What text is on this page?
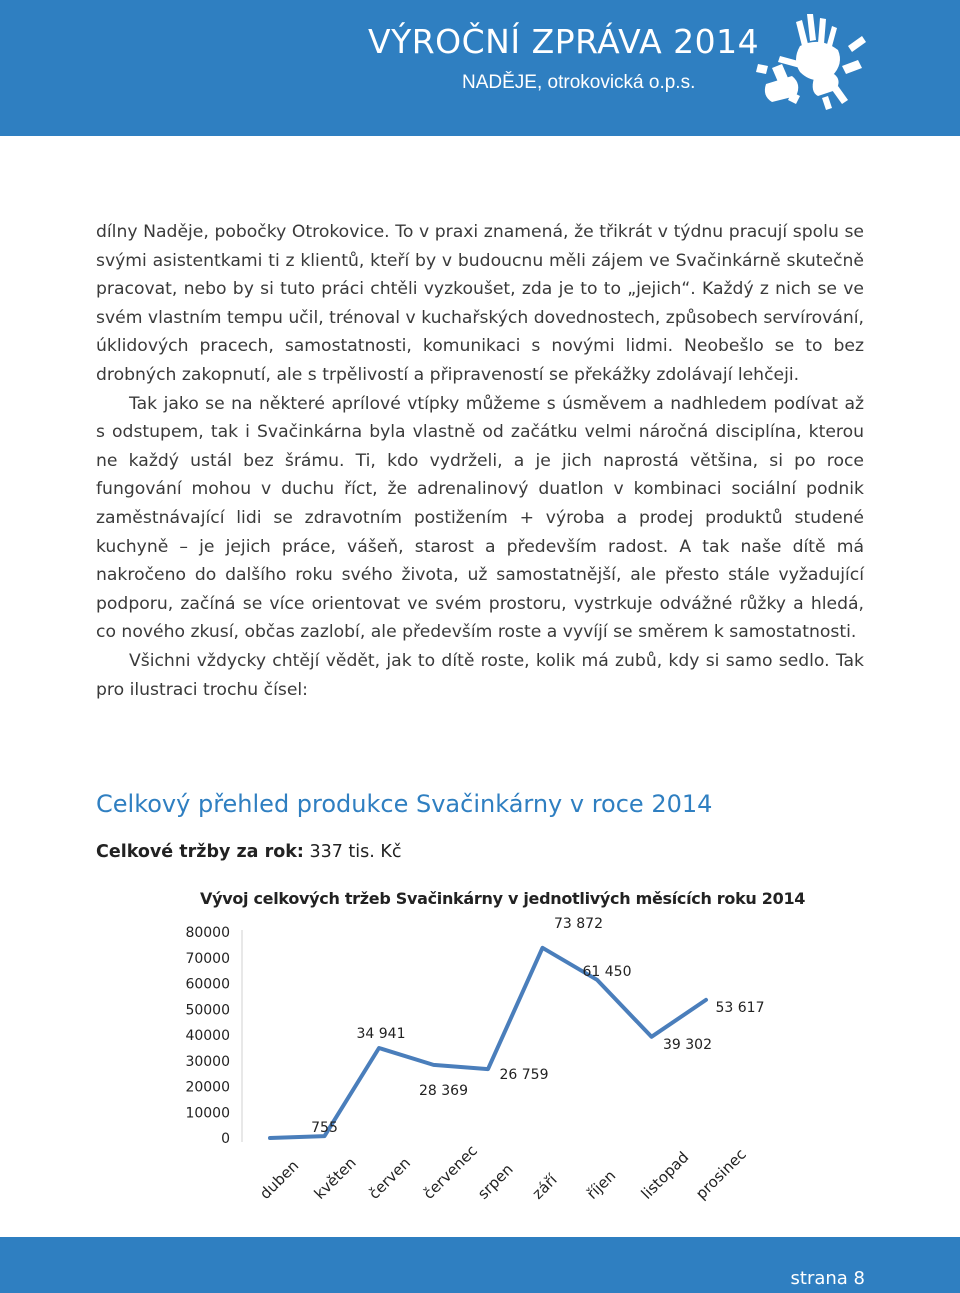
VÝROČNÍ ZPRÁVA 2014
NADĚJE, otrokovická o.p.s.

dílny Naděje, pobočky Otrokovice. To v praxi znamená, že třikrát v týdnu pracují spolu se svými asistentkami ti z klientů, kteří by v budoucnu měli zájem ve Svačinkárně skutečně pracovat, nebo by si tuto práci chtěli vyzkoušet, zda je to to „jejich“. Každý z nich se ve svém vlastním tempu učil, trénoval v kuchařských dovednostech, způsobech servírování, úklidových pracech, samostatnosti, komunikaci s novými lidmi. Neobešlo se to bez drobných zakopnutí, ale s trpělivostí a připraveností se překážky zdolávají lehčeji.

Tak jako se na některé aprílové vtípky můžeme s úsměvem a nadhledem podívat až s odstupem, tak i Svačinkárna byla vlastně od začátku velmi náročná disciplína, kterou ne každý ustál bez šrámu. Ti, kdo vydrželi, a je jich naprostá většina, si po roce fungování mohou v duchu říct, že adrenalinový duatlon v kombinaci sociální podnik zaměstnávající lidi se zdravotním postižením + výroba a prodej produktů studené kuchyně – je jejich práce, vášeň, starost a především radost. A tak naše dítě má nakročeno do dalšího roku svého života, už samostatnější, ale přesto stále vyžadující podporu, začíná se více orientovat ve svém prostoru, vystrkuje odvážné růžky a hledá, co nového zkusí, občas zazlobí, ale především roste a vyvíjí se směrem k samostatnosti.

Všichni vždycky chtějí vědět, jak to dítě roste, kolik má zubů, kdy si samo sedlo. Tak pro ilustraci trochu čísel:

Celkový přehled produkce Svačinkárny v roce 2014
Celkové tržby za rok: 337 tis. Kč
Vývoj celkových tržeb Svačinkárny v jednotlivých měsících roku 2014
0
10000
20000
30000
40000
50000
60000
70000
80000
755
34 941
28 369
26 759
73 872
61 450
39 302
53 617
duben květen červen červenec
srpen září říjen listopad prosinec
strana 8
